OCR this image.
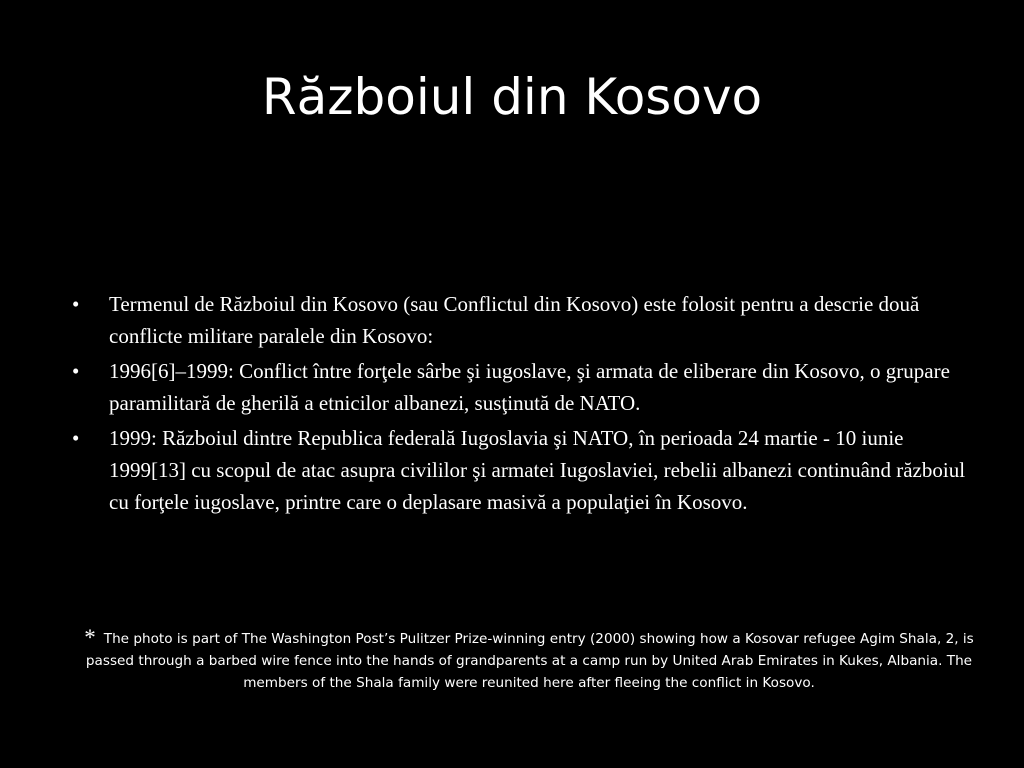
Războiul din Kosovo
•	Termenul de Războiul din Kosovo (sau Conflictul din Kosovo) este folosit pentru a descrie două conflicte militare paralele din Kosovo:
•	1996[6]–1999: Conflict între forţele sârbe şi iugoslave, şi armata de eliberare din Kosovo, o grupare paramilitară de gherilă a etnicilor albanezi, susţinută de NATO.
•	1999: Războiul dintre Republica federală Iugoslavia şi NATO, în perioada 24 martie - 10 iunie 1999[13] cu scopul de atac asupra civililor şi armatei Iugoslaviei, rebelii albanezi continuând războiul cu forţele iugoslave, printre care o deplasare masivă a populaţiei în Kosovo.
* The photo is part of The Washington Post’s Pulitzer Prize-winning entry (2000) showing how a Kosovar refugee Agim Shala, 2, is passed through a barbed wire fence into the hands of grandparents at a camp run by United Arab Emirates in Kukes, Albania. The members of the Shala family were reunited here after fleeing the conflict in Kosovo.
